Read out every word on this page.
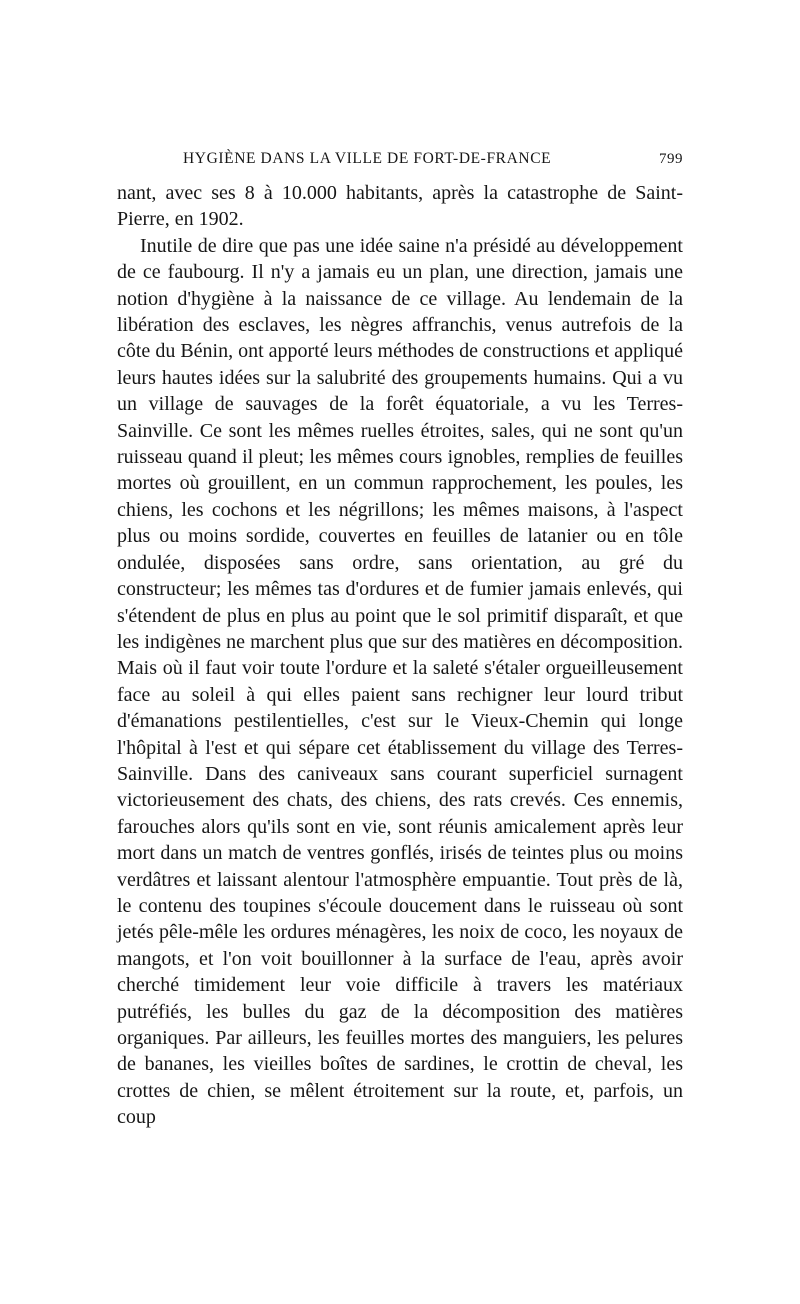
HYGIÈNE DANS LA VILLE DE FORT-DE-FRANCE	799

nant, avec ses 8 à 10.000 habitants, après la catastrophe de Saint-Pierre, en 1902.

Inutile de dire que pas une idée saine n'a présidé au développement de ce faubourg. Il n'y a jamais eu un plan, une direction, jamais une notion d'hygiène à la naissance de ce village. Au lendemain de la libération des esclaves, les nègres affranchis, venus autrefois de la côte du Bénin, ont apporté leurs méthodes de constructions et appliqué leurs hautes idées sur la salubrité des groupements humains. Qui a vu un village de sauvages de la forêt équatoriale, a vu les Terres-Sainville. Ce sont les mêmes ruelles étroites, sales, qui ne sont qu'un ruisseau quand il pleut; les mêmes cours ignobles, remplies de feuilles mortes où grouillent, en un commun rapprochement, les poules, les chiens, les cochons et les négrillons; les mêmes maisons, à l'aspect plus ou moins sordide, couvertes en feuilles de latanier ou en tôle ondulée, disposées sans ordre, sans orientation, au gré du constructeur; les mêmes tas d'ordures et de fumier jamais enlevés, qui s'étendent de plus en plus au point que le sol primitif disparaît, et que les indigènes ne marchent plus que sur des matières en décomposition. Mais où il faut voir toute l'ordure et la saleté s'étaler orgueilleusement face au soleil à qui elles paient sans rechigner leur lourd tribut d'émanations pestilentielles, c'est sur le Vieux-Chemin qui longe l'hôpital à l'est et qui sépare cet établissement du village des Terres-Sainville. Dans des caniveaux sans courant superficiel surnagent victorieusement des chats, des chiens, des rats crevés. Ces ennemis, farouches alors qu'ils sont en vie, sont réunis amicalement après leur mort dans un match de ventres gonflés, irisés de teintes plus ou moins verdâtres et laissant alentour l'atmosphère empuantie. Tout près de là, le contenu des toupines s'écoule doucement dans le ruisseau où sont jetés pêle-mêle les ordures ménagères, les noix de coco, les noyaux de mangots, et l'on voit bouillonner à la surface de l'eau, après avoir cherché timidement leur voie difficile à travers les matériaux putréfiés, les bulles du gaz de la décomposition des matières organiques. Par ailleurs, les feuilles mortes des manguiers, les pelures de bananes, les vieilles boîtes de sardines, le crottin de cheval, les crottes de chien, se mêlent étroitement sur la route, et, parfois, un coup
